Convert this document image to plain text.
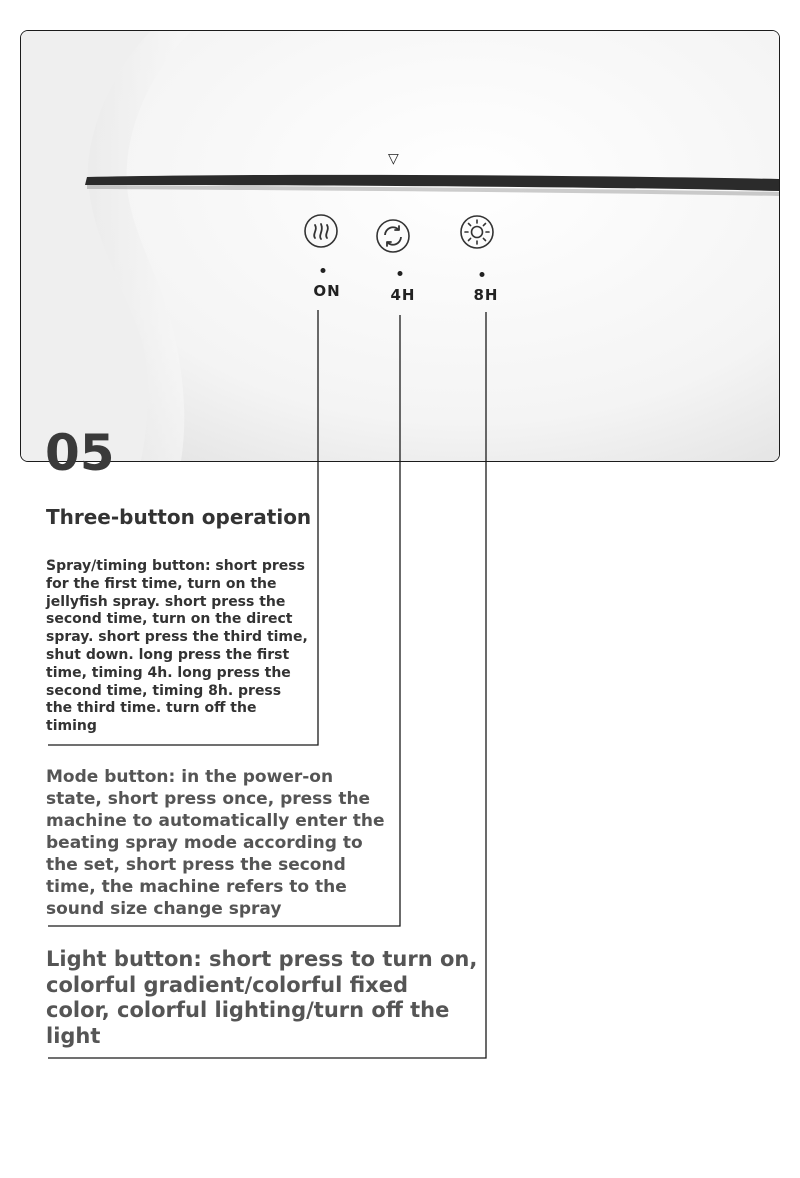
▽
ON	4H	8H
05
Three-button operation
Spray/timing button: short press for the first time, turn on the jellyfish spray. short press the second time, turn on the direct spray. short press the third time, shut down. long press the first time, timing 4h. long press the second time, timing 8h. press the third time. turn off the timing
Mode button: in the power-on state, short press once, press the machine to automatically enter the beating spray mode according to the set, short press the second time, the machine refers to the sound size change spray
Light button: short press to turn on, colorful gradient/colorful fixed color, colorful lighting/turn off the light
